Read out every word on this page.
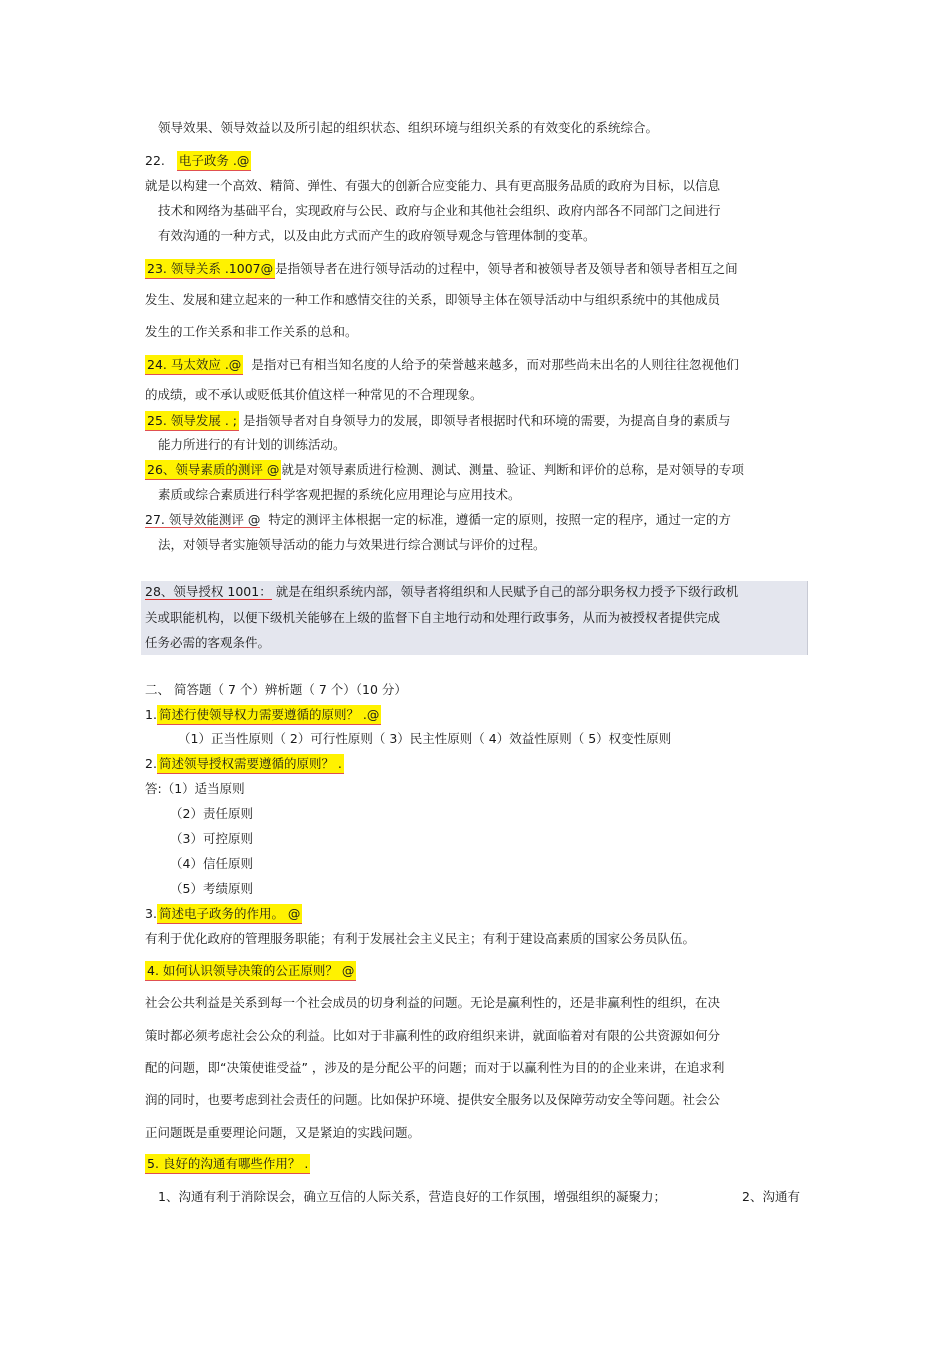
领导效果、领导效益以及所引起的组织状态、组织环境与组织关系的有效变化的系统综合。
22. 电子政务 .@
就是以构建一个高效、精简、弹性、有强大的创新合应变能力、具有更高服务品质的政府为目标，以信息
技术和网络为基础平台，实现政府与公民、政府与企业和其他社会组织、政府内部各不同部门之间进行
有效沟通的一种方式，以及由此方式而产生的政府领导观念与管理体制的变革。
23. 领导关系 .1007@ 是指领导者在进行领导活动的过程中，领导者和被领导者及领导者和领导者相互之间
发生、发展和建立起来的一种工作和感情交往的关系，即领导主体在领导活动中与组织系统中的其他成员
发生的工作关系和非工作关系的总和。
24. 马太效应 .@ 是指对已有相当知名度的人给予的荣誉越来越多，而对那些尚未出名的人则往往忽视他们
的成绩，或不承认或贬低其价值这样一种常见的不合理现象。
25. 领导发展 . ; 是指领导者对自身领导力的发展，即领导者根据时代和环境的需要，为提高自身的素质与
能力所进行的有计划的训练活动。
26、领导素质的测评 @ 就是对领导素质进行检测、测试、测量、验证、判断和评价的总称，是对领导的专项
素质或综合素质进行科学客观把握的系统化应用理论与应用技术。
27. 领导效能测评 @ 特定的测评主体根据一定的标准，遵循一定的原则，按照一定的程序，通过一定的方
法，对领导者实施领导活动的能力与效果进行综合测试与评价的过程。
28、领导授权 1001： 就是在组织系统内部，领导者将组织和人民赋予自己的部分职务权力授予下级行政机
关或职能机构，以便下级机关能够在上级的监督下自主地行动和处理行政事务，从而为被授权者提供完成
任务必需的客观条件。
二、 简答题（ 7 个）辨析题（ 7 个）（10 分）
1. 简述行使领导权力需要遵循的原则？ .@
（1）正当性原则（ 2）可行性原则（ 3）民主性原则（ 4）效益性原则（ 5）权变性原则
2. 简述领导授权需要遵循的原则？ .
答:（1）适当原则
（2）责任原则
（3）可控原则
（4）信任原则
（5）考绩原则
3. 简述电子政务的作用。 @
有利于优化政府的管理服务职能；有利于发展社会主义民主；有利于建设高素质的国家公务员队伍。
4. 如何认识领导决策的公正原则？ @
社会公共利益是关系到每一个社会成员的切身利益的问题。无论是赢利性的，还是非赢利性的组织，在决
策时都必须考虑社会公众的利益。比如对于非赢利性的政府组织来讲，就面临着对有限的公共资源如何分
配的问题，即“决策使谁受益” ，涉及的是分配公平的问题；而对于以赢利性为目的的企业来讲，在追求利
润的同时，也要考虑到社会责任的问题。比如保护环境、提供安全服务以及保障劳动安全等问题。社会公
正问题既是重要理论问题，又是紧迫的实践问题。
5. 良好的沟通有哪些作用？ .
1、沟通有利于消除误会，确立互信的人际关系，营造良好的工作氛围，增强组织的凝聚力；	2、沟通有
